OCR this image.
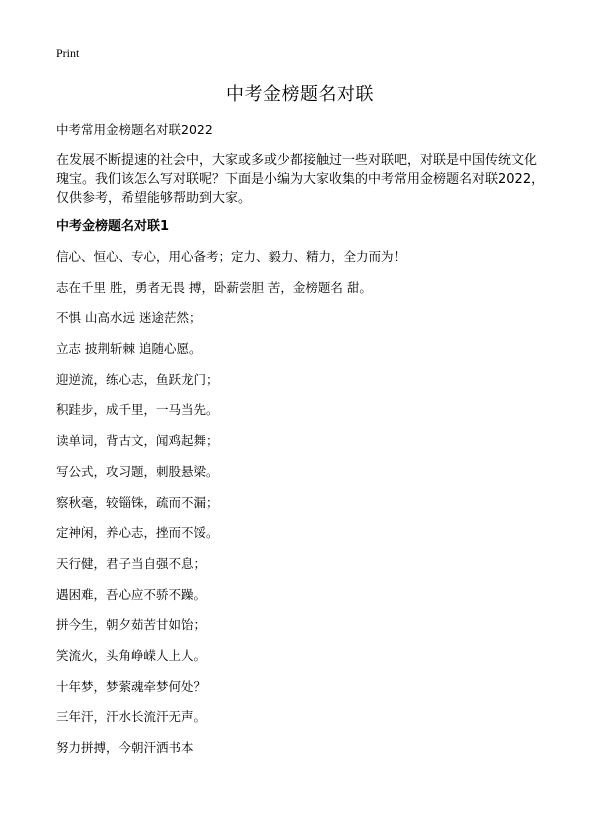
Print
中考金榜题名对联
中考常用金榜题名对联2022

在发展不断提速的社会中，大家或多或少都接触过一些对联吧，对联是中国传统文化瑰宝。我们该怎么写对联呢？下面是小编为大家收集的中考常用金榜题名对联2022，仅供参考，希望能够帮助到大家。

中考金榜题名对联1
信心、恒心、专心，用心备考；定力、毅力、精力，全力而为！
志在千里 胜，勇者无畏 搏，卧薪尝胆 苦，金榜题名 甜。
不惧 山高水远 迷途茫然；
立志 披荆斩棘 追随心愿。
迎逆流，练心志，鱼跃龙门；
积跬步，成千里，一马当先。
读单词，背古文，闻鸡起舞；
写公式，攻习题，刺股悬梁。
察秋毫，较锱铢，疏而不漏；
定神闲，养心志，挫而不馁。
天行健，君子当自强不息；
遇困难，吾心应不骄不躁。
拼今生，朝夕茹苦甘如饴；
笑流火，头角峥嵘人上人。
十年梦，梦萦魂牵梦何处？
三年汗，汗水长流汗无声。
努力拼搏，今朝汗洒书本
